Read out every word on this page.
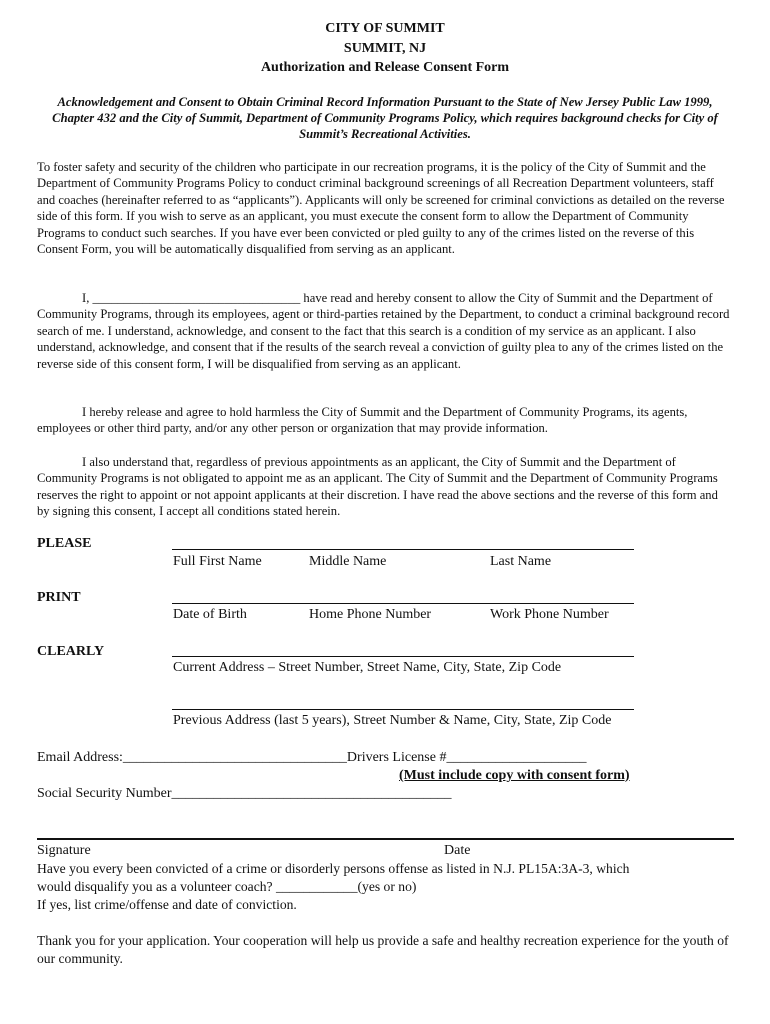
CITY OF SUMMIT
SUMMIT, NJ
Authorization and Release Consent Form
Acknowledgement and Consent to Obtain Criminal Record Information Pursuant to the State of New Jersey Public Law 1999, Chapter 432 and the City of Summit, Department of Community Programs Policy, which requires background checks for City of Summit’s Recreational Activities.
To foster safety and security of the children who participate in our recreation programs, it is the policy of the City of Summit and the Department of Community Programs Policy to conduct criminal background screenings of all Recreation Department volunteers, staff and coaches (hereinafter referred to as “applicants”). Applicants will only be screened for criminal convictions as detailed on the reverse side of this form. If you wish to serve as an applicant, you must execute the consent form to allow the Department of Community Programs to conduct such searches. If you have ever been convicted or pled guilty to any of the crimes listed on the reverse of this Consent Form, you will be automatically disqualified from serving as an applicant.
I, _________________________________ have read and hereby consent to allow the City of Summit and the Department of Community Programs, through its employees, agent or third-parties retained by the Department, to conduct a criminal background record search of me. I understand, acknowledge, and consent to the fact that this search is a condition of my service as an applicant. I also understand, acknowledge, and consent that if the results of the search reveal a conviction of guilty plea to any of the crimes listed on the reverse side of this consent form, I will be disqualified from serving as an applicant.
I hereby release and agree to hold harmless the City of Summit and the Department of Community Programs, its agents, employees or other third party, and/or any other person or organization that may provide information.
I also understand that, regardless of previous appointments as an applicant, the City of Summit and the Department of Community Programs is not obligated to appoint me as an applicant. The City of Summit and the Department of Community Programs reserves the right to appoint or not appoint applicants at their discretion. I have read the above sections and the reverse of this form and by signing this consent, I accept all conditions stated herein.
PLEASE
PRINT
CLEARLY
Full First Name	Middle Name	Last Name
Date of Birth	Home Phone Number	Work Phone Number
Current Address – Street Number, Street Name, City, State, Zip Code
Previous Address (last 5 years), Street Number & Name, City, State, Zip Code
Email Address:________________________________Drivers License #____________________
(Must include copy with consent form)
Social Security Number________________________________________
Signature	Date
Have you every been convicted of a crime or disorderly persons offense as listed in N.J. PL15A:3A-3, which
would disqualify you as a volunteer coach? ____________(yes or no)
If yes, list crime/offense and date of conviction.
Thank you for your application. Your cooperation will help us provide a safe and healthy recreation experience for the youth of our community.
